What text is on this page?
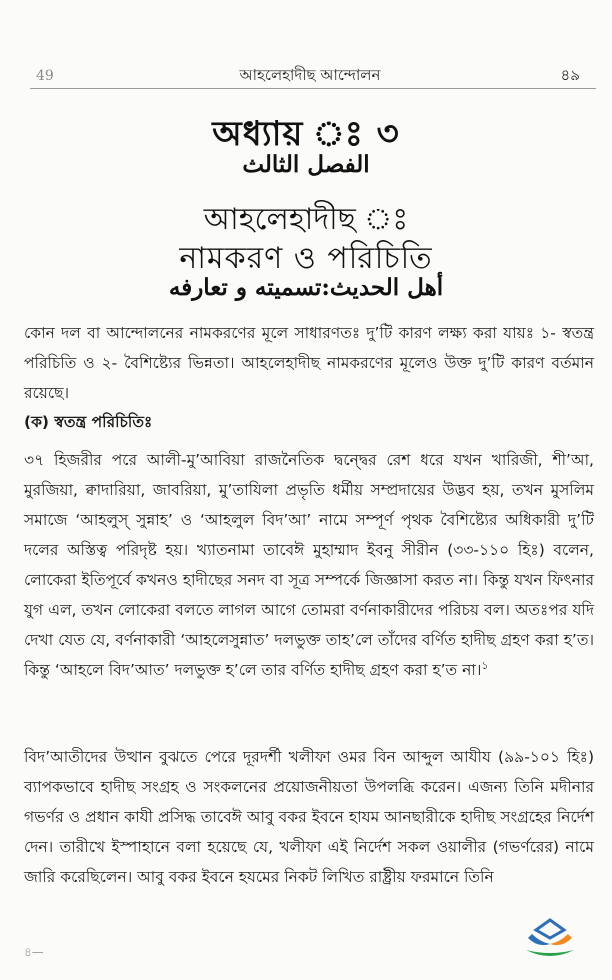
49	আহলেহাদীছ আন্দোলন	৪৯
অধ্যায় ঃ ৩
الفصل الثالث
আহলেহাদীছ ঃ
নামকরণ ও পরিচিতি
أهل الحديث:تسميته و تعارفه

কোন দল বা আন্দোলনের নামকরণের মূলে সাধারণতঃ দু’টি কারণ লক্ষ্য করা যায়ঃ ১- স্বতন্ত্র পরিচিতি ও ২- বৈশিষ্ট্যের ভিন্নতা। আহলেহাদীছ নামকরণের মূলেও উক্ত দু’টি কারণ বর্তমান রয়েছে।

(ক) স্বতন্ত্র পরিচিতিঃ

৩৭ হিজরীর পরে আলী-মু’আবিয়া রাজনৈতিক দ্বন্দ্বের রেশ ধরে যখন খারিজী, শী’আ, মুরজিয়া, ক্বাদারিয়া, জাবরিয়া, মু’তাযিলা প্রভৃতি ধর্মীয় সম্প্রদায়ের উদ্ভব হয়, তখন মুসলিম সমাজে ‘আহলুস্ সুন্নাহ’ ও ‘আহলুল বিদ’আ’ নামে সম্পূর্ণ পৃথক বৈশিষ্ট্যের অধিকারী দু’টি দলের অস্তিত্ব পরিদৃষ্ট হয়। খ্যাতনামা তাবেঈ মুহাম্মাদ ইবনু সীরীন (৩৩-১১০ হিঃ) বলেন, লোকেরা ইতিপূর্বে কখনও হাদীছের সনদ বা সূত্র সম্পর্কে জিজ্ঞাসা করত না। কিন্তু যখন ফিৎনার যুগ এল, তখন লোকেরা বলতে লাগল আগে তোমরা বর্ণনাকারীদের পরিচয় বল। অতঃপর যদি দেখা যেত যে, বর্ণনাকারী ‘আহলেসুন্নাত’ দলভুক্ত তাহ’লে তাঁদের বর্ণিত হাদীছ গ্রহণ করা হ’ত। কিন্তু ‘আহলে বিদ’আত’ দলভুক্ত হ’লে তার বর্ণিত হাদীছ গ্রহণ করা হ’ত না।$^১$

বিদ’আতীদের উত্থান বুঝতে পেরে দূরদর্শী খলীফা ওমর বিন আব্দুল আযীয (৯৯-১০১ হিঃ) ব্যাপকভাবে হাদীছ সংগ্রহ ও সংকলনের প্রয়োজনীয়তা উপলব্ধি করেন। এজন্য তিনি মদীনার গভর্ণর ও প্রধান কাযী প্রসিদ্ধ তাবেঈ আবু বকর ইবনে হাযম আনছারীকে হাদীছ সংগ্রহের নির্দেশ দেন। তারীখে ইস্পাহানে বলা হয়েছে যে, খলীফা এই নির্দেশ সকল ওয়ালীর (গভর্ণরের) নামে জারি করেছিলেন। আবু বকর ইবনে হযমের নিকট লিখিত রাষ্ট্রীয় ফরমানে তিনি

৪—
